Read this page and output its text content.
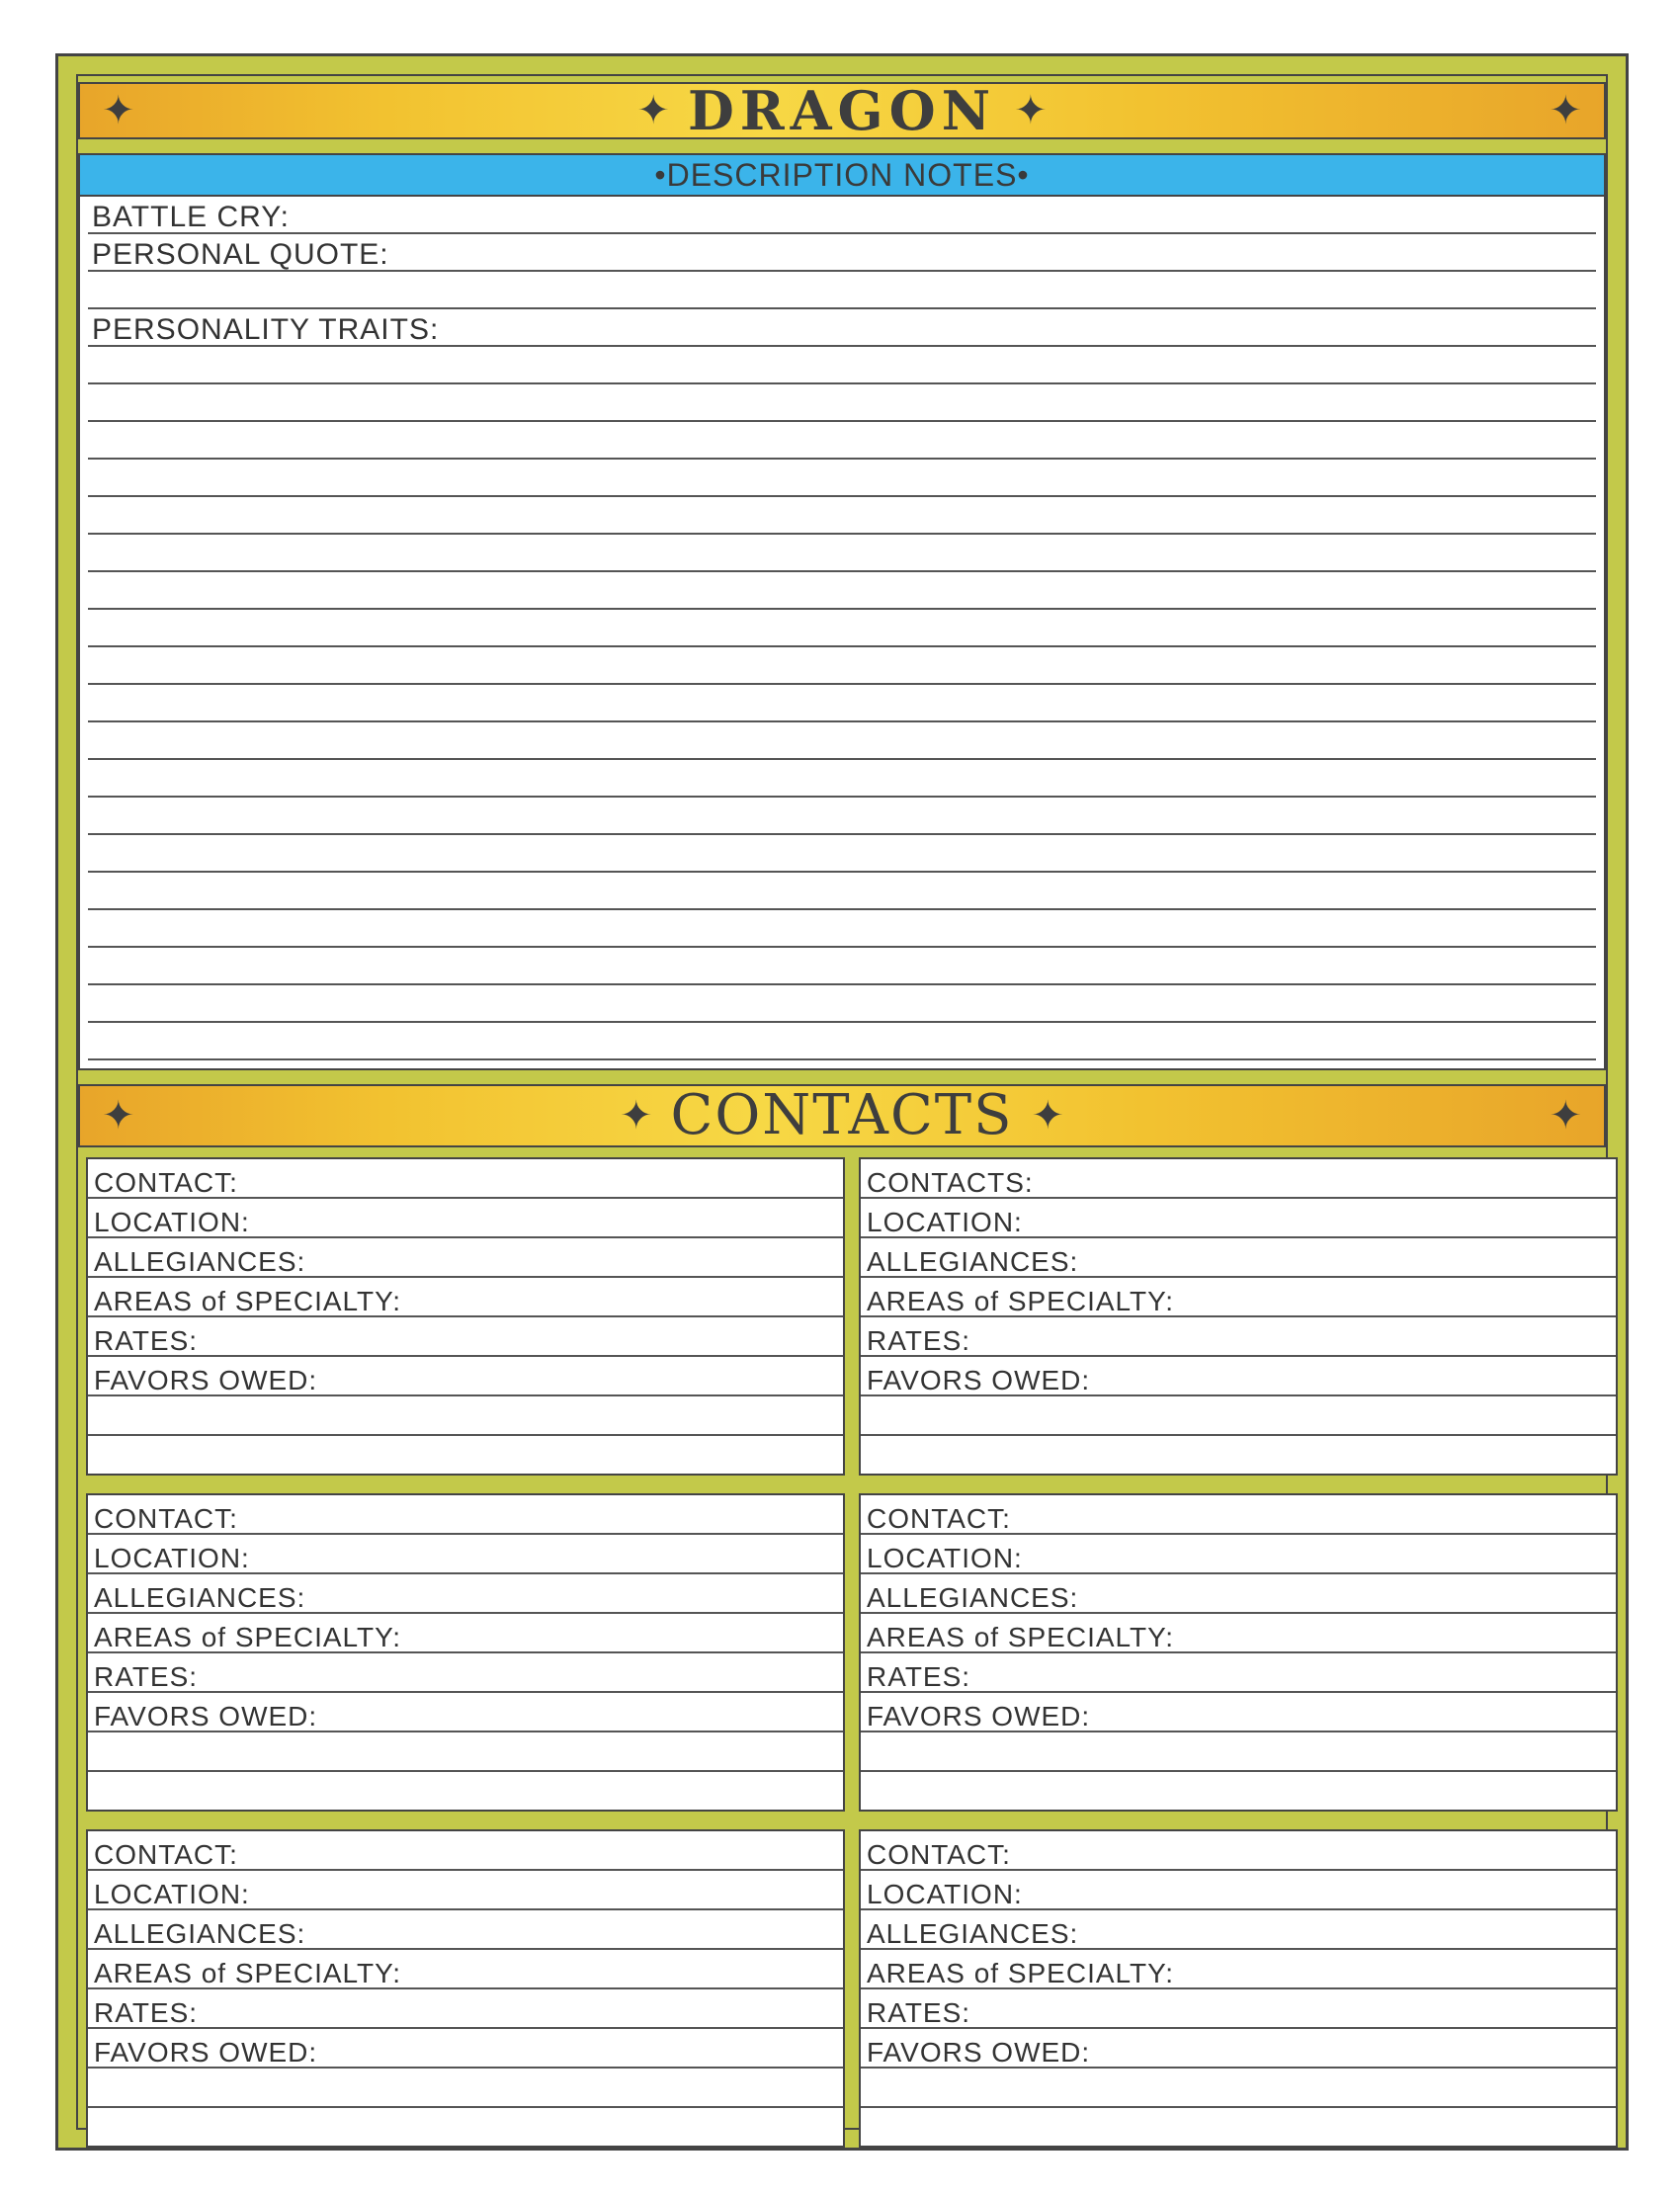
✦	✦ DRAGON ✦	✦
•DESCRIPTION NOTES•
BATTLE CRY:
PERSONAL QUOTE:
PERSONALITY TRAITS:
✦	✦ CONTACTS ✦	✦
CONTACT:
LOCATION:
ALLEGIANCES:
AREAS of SPECIALTY:
RATES:
FAVORS OWED:
CONTACTS:
LOCATION:
ALLEGIANCES:
AREAS of SPECIALTY:
RATES:
FAVORS OWED:
CONTACT:
LOCATION:
ALLEGIANCES:
AREAS of SPECIALTY:
RATES:
FAVORS OWED:
CONTACT:
LOCATION:
ALLEGIANCES:
AREAS of SPECIALTY:
RATES:
FAVORS OWED:
CONTACT:
LOCATION:
ALLEGIANCES:
AREAS of SPECIALTY:
RATES:
FAVORS OWED:
CONTACT:
LOCATION:
ALLEGIANCES:
AREAS of SPECIALTY:
RATES:
FAVORS OWED:
